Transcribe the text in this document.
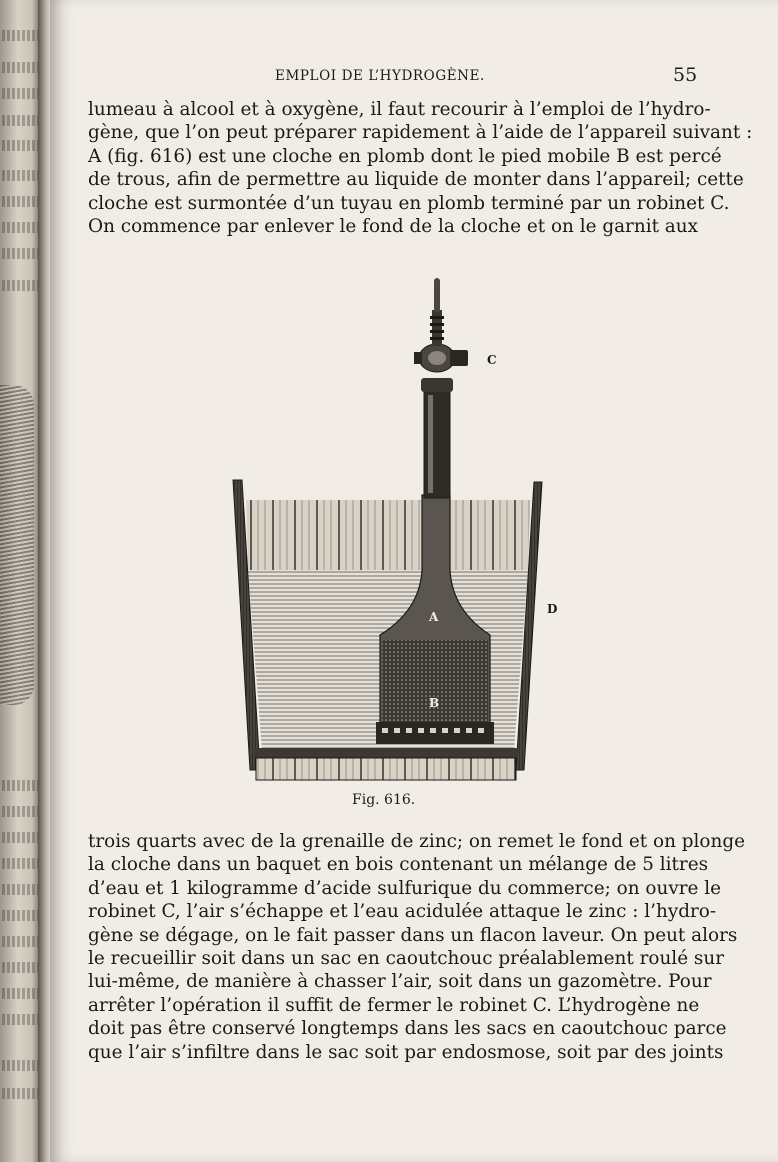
EMPLOI DE L’HYDROGÈNE.	55
lumeau à alcool et à oxygène, il faut recourir à l’emploi de l’hydro-
gène, que l’on peut préparer rapidement à l’aide de l’appareil suivant :
A (fig. 616) est une cloche en plomb dont le pied mobile B est percé
de trous, afin de permettre au liquide de monter dans l’appareil; cette
cloche est surmontée d’un tuyau en plomb terminé par un robinet C.
On commence par enlever le fond de la cloche et on le garnit aux
C
A
B
D
Fig. 616.
trois quarts avec de la grenaille de zinc; on remet le fond et on plonge
la cloche dans un baquet en bois contenant un mélange de 5 litres
d’eau et 1 kilogramme d’acide sulfurique du commerce; on ouvre le
robinet C, l’air s’échappe et l’eau acidulée attaque le zinc : l’hydro-
gène se dégage, on le fait passer dans un flacon laveur. On peut alors
le recueillir soit dans un sac en caoutchouc préalablement roulé sur
lui-même, de manière à chasser l’air, soit dans un gazomètre. Pour
arrêter l’opération il suffit de fermer le robinet C. L’hydrogène ne
doit pas être conservé longtemps dans les sacs en caoutchouc parce
que l’air s’infiltre dans le sac soit par endosmose, soit par des joints
